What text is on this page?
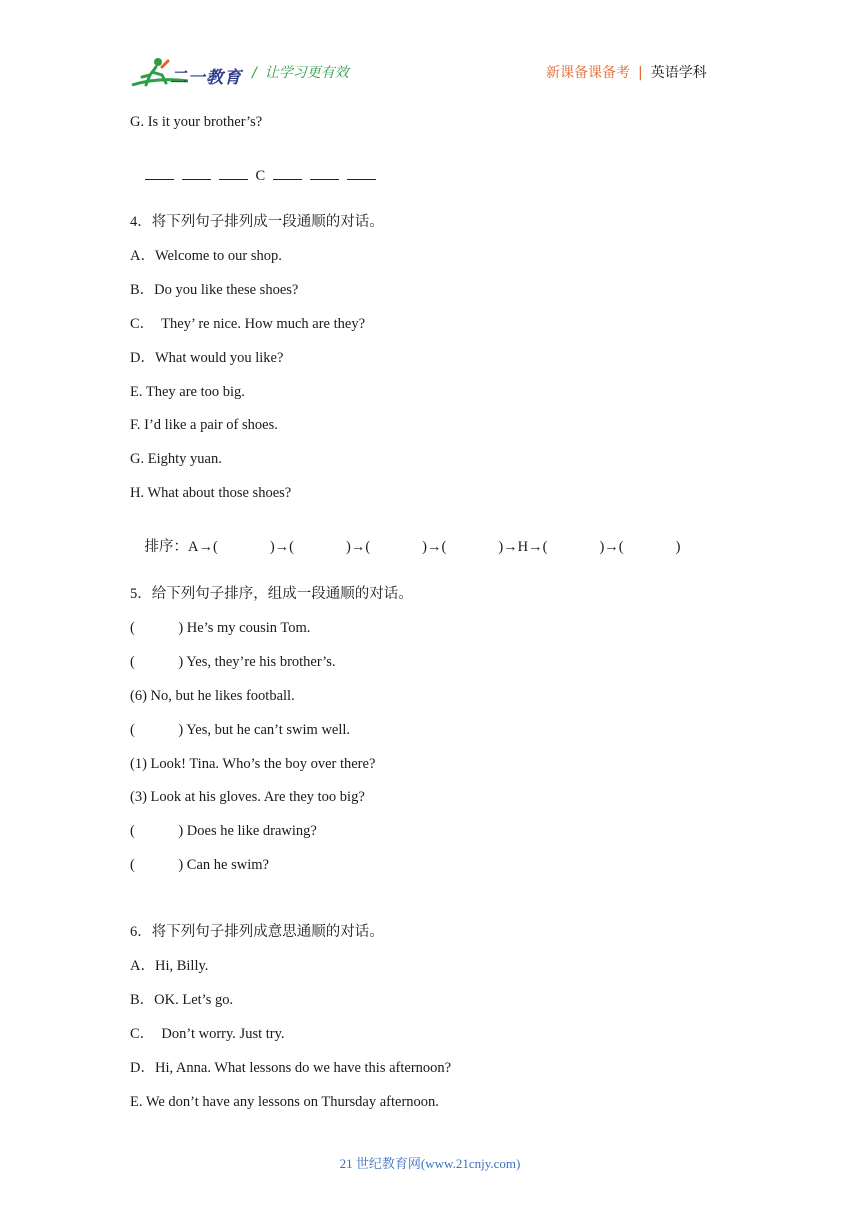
二一教育 / 让学习更有效	新课备课备考 | 英语学科
G. Is it your brother’s?

C

4．将下列句子排列成一段通顺的对话。
A．Welcome to our shop.
B．Do you like these shoes?
C．  They’ re nice. How much are they?
D．What would you like?
E. They are too big.
F. I’d like a pair of shoes.
G. Eighty yuan.
H. What about those shoes?

排序：A→(	)→(	)→(	)→(	)→H→(	)→(	)

5．给下列句子排序，组成一段通顺的对话。
(            ) He’s my cousin Tom.
(            ) Yes, they’re his brother’s.
(6) No, but he likes football.
(            ) Yes, but he can’t swim well.
(1) Look! Tina. Who’s the boy over there?
(3) Look at his gloves. Are they too big?
(            ) Does he like drawing?
(            ) Can he swim?
6．将下列句子排列成意思通顺的对话。
A．Hi, Billy.
B．OK. Let’s go.
C．  Don’t worry. Just try.
D．Hi, Anna. What lessons do we have this afternoon?
E. We don’t have any lessons on Thursday afternoon.
21 世纪教育网(www.21cnjy.com)
